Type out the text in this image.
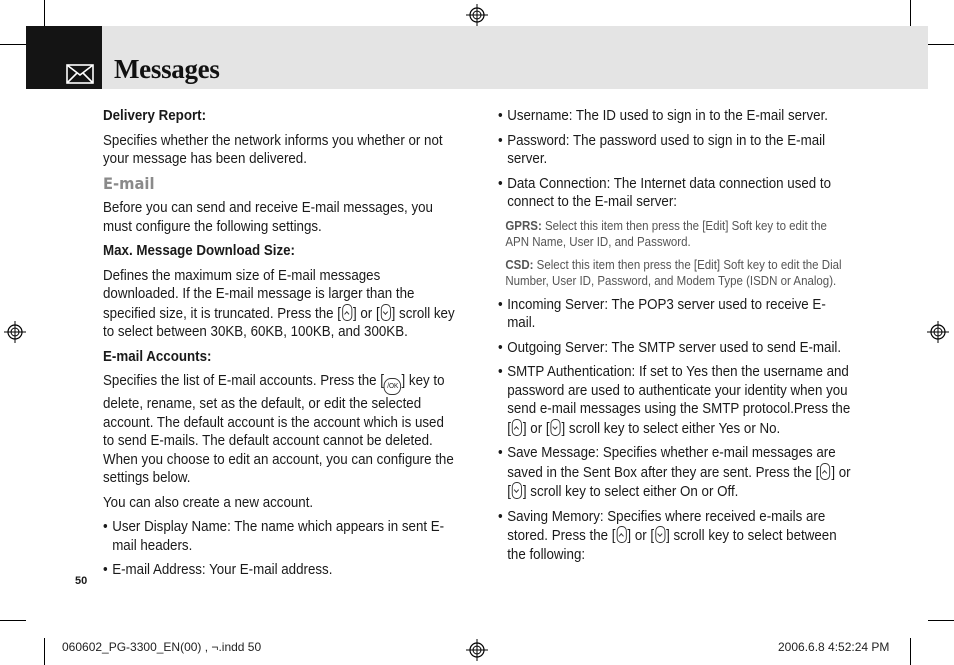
Messages
Delivery Report:

Specifies whether the network informs you whether or not your message has been delivered.

E-mail

Before you can send and receive E-mail messages, you must configure the following settings.

Max. Message Download Size:

Defines the maximum size of E-mail messages downloaded. If the E-mail message is larger than the specified size, it is truncated. Press the [ ] or [ ] scroll key to select between 30KB, 60KB, 100KB, and 300KB.

E-mail Accounts:

Specifies the list of E-mail accounts. Press the [ /OK ] key to delete, rename, set as the default, or edit the selected account. The default account is the account which is used to send E-mails. The default account cannot be deleted. When you choose to edit an account, you can configure the settings below.

You can also create a new account.

• User Display Name: The name which appears in sent E-mail headers.
• E-mail Address: Your E-mail address.
• Username: The ID used to sign in to the E-mail server.
• Password: The password used to sign in to the E-mail server.
• Data Connection: The Internet data connection used to connect to the E-mail server:
GPRS: Select this item then press the [Edit] Soft key to edit the APN Name, User ID, and Password.
CSD: Select this item then press the [Edit] Soft key to edit the Dial Number, User ID, Password, and Modem Type (ISDN or Analog).
• Incoming Server: The POP3 server used to receive E-mail.
• Outgoing Server: The SMTP server used to send E-mail.
• SMTP Authentication: If set to Yes then the username and password are used to authenticate your identity when you send e-mail messages using the SMTP protocol.Press the [ ] or [ ] scroll key to select either Yes or No.
• Save Message: Specifies whether e-mail messages are saved in the Sent Box after they are sent. Press the [ ] or [ ] scroll key to select either On or Off.
• Saving Memory: Specifies where received e-mails are stored. Press the [ ] or [ ] scroll key to select between the following:
50
060602_PG-3300_EN(00) , ¬.indd 50	2006.6.8 4:52:24 PM
